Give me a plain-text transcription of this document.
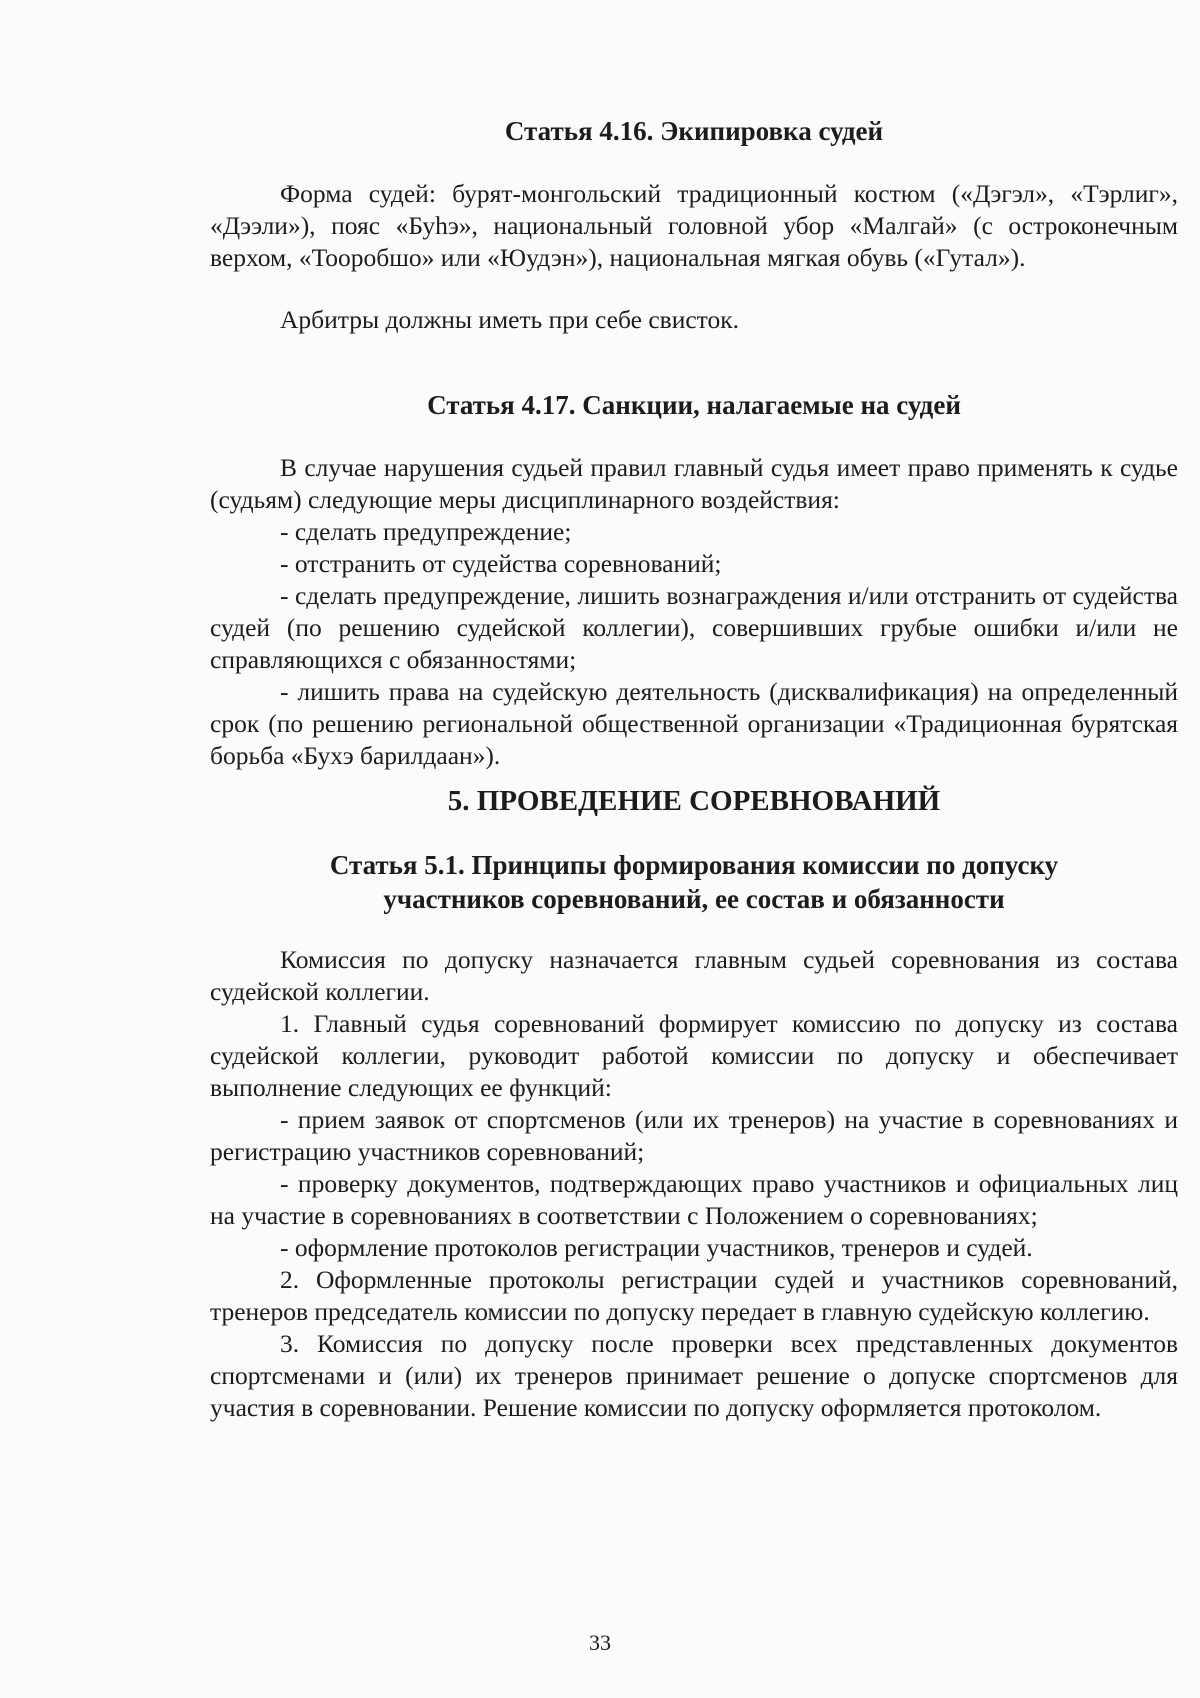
Статья 4.16. Экипировка судей

Форма судей: бурят-монгольский традиционный костюм («Дэгэл», «Тэрлиг», «Дээли»), пояс «Буһэ», национальный головной убор «Малгай» (с остроконечным верхом, «Тооробшо» или «Юудэн»), национальная мягкая обувь («Гутал»).

Арбитры должны иметь при себе свисток.

Статья 4.17. Санкции, налагаемые на судей

В случае нарушения судьей правил главный судья имеет право применять к судье (судьям) следующие меры дисциплинарного воздействия:

- сделать предупреждение;

- отстранить от судейства соревнований;

- сделать предупреждение, лишить вознаграждения и/или отстранить от судейства судей (по решению судейской коллегии), совершивших грубые ошибки и/или не справляющихся с обязанностями;

- лишить права на судейскую деятельность (дисквалификация) на определенный срок (по решению региональной общественной организации «Традиционная бурятская борьба «Бухэ барилдаан»).

5. ПРОВЕДЕНИЕ СОРЕВНОВАНИЙ
Статья 5.1. Принципы формирования комиссии по допуску
участников соревнований, ее состав и обязанности

Комиссия по допуску назначается главным судьей соревнования из состава судейской коллегии.

1. Главный судья соревнований формирует комиссию по допуску из состава судейской коллегии, руководит работой комиссии по допуску и обеспечивает выполнение следующих ее функций:

- прием заявок от спортсменов (или их тренеров) на участие в соревнованиях и регистрацию участников соревнований;

- проверку документов, подтверждающих право участников и официальных лиц на участие в соревнованиях в соответствии с Положением о соревнованиях;

- оформление протоколов регистрации участников, тренеров и судей.

2. Оформленные протоколы регистрации судей и участников соревнований, тренеров председатель комиссии по допуску передает в главную судейскую коллегию.

3. Комиссия по допуску после проверки всех представленных документов спортсменами и (или) их тренеров принимает решение о допуске спортсменов для участия в соревновании. Решение комиссии по допуску оформляется протоколом.

33
